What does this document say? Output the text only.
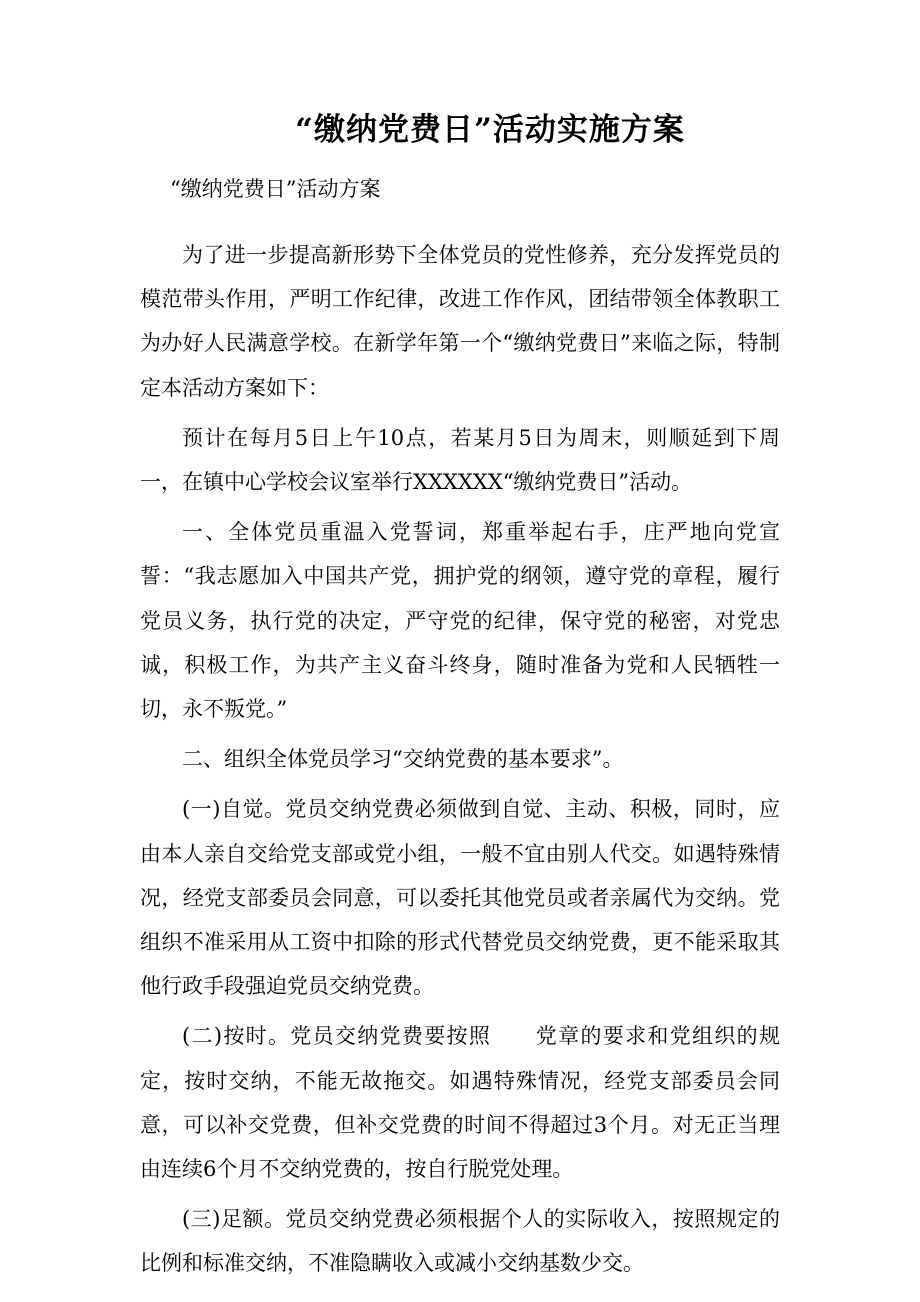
“缴纳党费日”活动实施方案

“缴纳党费日”活动方案

为了进一步提高新形势下全体党员的党性修养，充分发挥党员的模范带头作用，严明工作纪律，改进工作作风，团结带领全体教职工为办好人民满意学校。在新学年第一个“缴纳党费日”来临之际，特制定本活动方案如下：

预计在每月5日上午10点，若某月5日为周末，则顺延到下周一，在镇中心学校会议室举行XXXXXX“缴纳党费日”活动。

一、全体党员重温入党誓词，郑重举起右手，庄严地向党宣誓：“我志愿加入中国共产党，拥护党的纲领，遵守党的章程，履行党员义务，执行党的决定，严守党的纪律，保守党的秘密，对党忠诚，积极工作，为共产主义奋斗终身，随时准备为党和人民牺牲一切，永不叛党。”

二、组织全体党员学习“交纳党费的基本要求”。

(一)自觉。党员交纳党费必须做到自觉、主动、积极，同时，应由本人亲自交给党支部或党小组，一般不宜由别人代交。如遇特殊情况，经党支部委员会同意，可以委托其他党员或者亲属代为交纳。党组织不准采用从工资中扣除的形式代替党员交纳党费，更不能采取其他行政手段强迫党员交纳党费。

(二)按时。党员交纳党费要按照　　党章的要求和党组织的规定，按时交纳，不能无故拖交。如遇特殊情况，经党支部委员会同意，可以补交党费，但补交党费的时间不得超过3个月。对无正当理由连续6个月不交纳党费的，按自行脱党处理。

(三)足额。党员交纳党费必须根据个人的实际收入，按照规定的比例和标准交纳，不准隐瞒收入或减小交纳基数少交。
